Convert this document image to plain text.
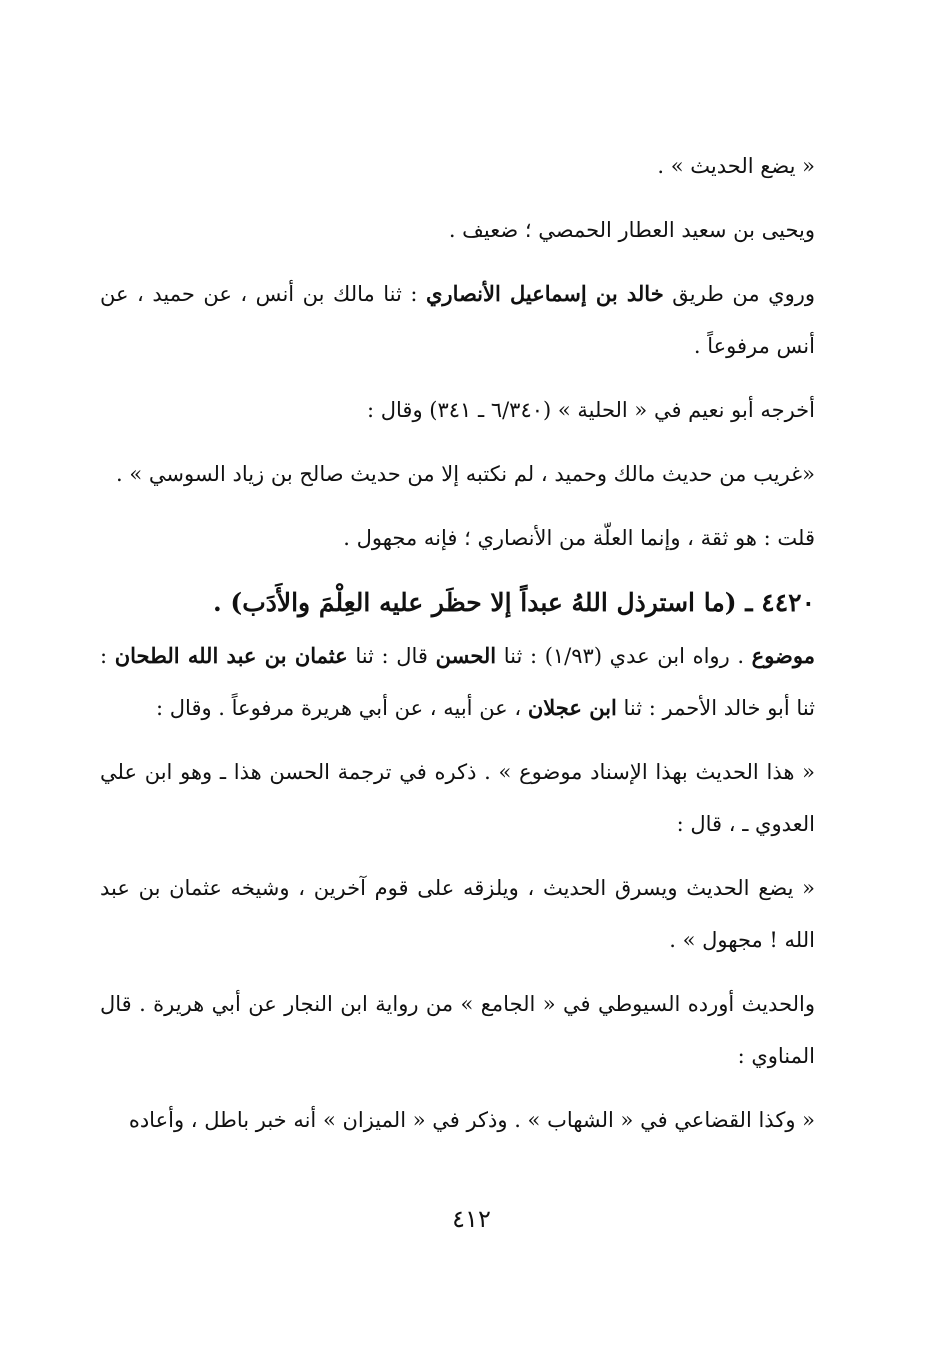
« يضع الحديث » .

ويحيى بن سعيد العطار الحمصي ؛ ضعيف .

وروي من طريق خالد بن إسماعيل الأنصاري : ثنا مالك بن أنس ، عن حميد ، عن أنس مرفوعاً .

أخرجه أبو نعيم في « الحلية » (٦/٣٤٠ ـ ٣٤١) وقال :

«غريب من حديث مالك وحميد ، لم نكتبه إلا من حديث صالح بن زياد السوسي » .

قلت : هو ثقة ، وإنما العلّة من الأنصاري ؛ فإنه مجهول .

٤٤٢٠ ـ (ما استرذل اللهُ عبداً إلا حظَر عليه العِلْمَ والأَدَب) .

موضوع . رواه ابن عدي (١/٩٣) : ثنا الحسن قال : ثنا عثمان بن عبد الله الطحان : ثنا أبو خالد الأحمر : ثنا ابن عجلان ، عن أبيه ، عن أبي هريرة مرفوعاً . وقال :

« هذا الحديث بهذا الإسناد موضوع » . ذكره في ترجمة الحسن هذا ـ وهو ابن علي العدوي ـ ، قال :

« يضع الحديث ويسرق الحديث ، ويلزقه على قوم آخرين ، وشيخه عثمان بن عبد الله ! مجهول » .

والحديث أورده السيوطي في « الجامع » من رواية ابن النجار عن أبي هريرة . قال المناوي :

« وكذا القضاعي في « الشهاب » . وذكر في « الميزان » أنه خبر باطل ، وأعاده

٤١٢
